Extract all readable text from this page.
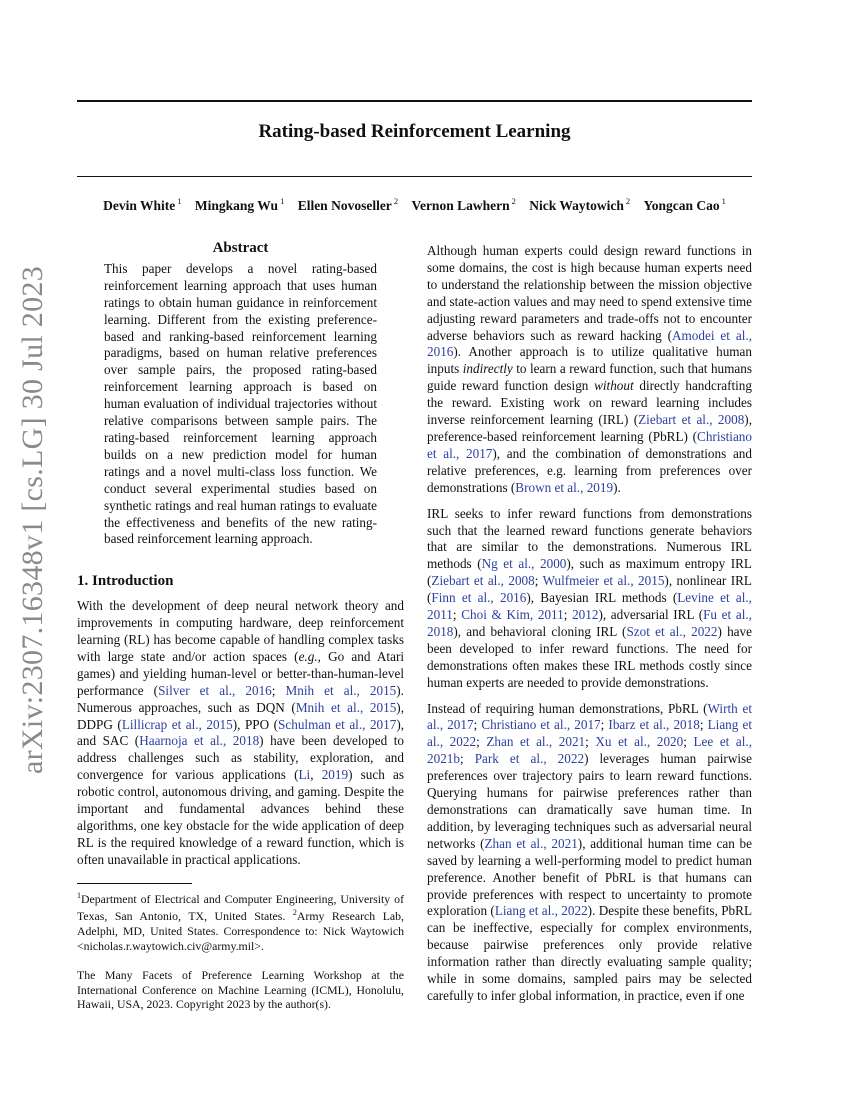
Rating-based Reinforcement Learning
Devin White $^1$ Mingkang Wu $^1$ Ellen Novoseller $^2$ Vernon Lawhern $^2$ Nick Waytowich $^2$ Yongcan Cao $^1$
arXiv:2307.16348v1 [cs.LG] 30 Jul 2023
Abstract
This paper develops a novel rating-based reinforcement learning approach that uses human ratings to obtain human guidance in reinforcement learning. Different from the existing preference-based and ranking-based reinforcement learning paradigms, based on human relative preferences over sample pairs, the proposed rating-based reinforcement learning approach is based on human evaluation of individual trajectories without relative comparisons between sample pairs. The rating-based reinforcement learning approach builds on a new prediction model for human ratings and a novel multi-class loss function. We conduct several experimental studies based on synthetic ratings and real human ratings to evaluate the effectiveness and benefits of the new rating-based reinforcement learning approach.
1. Introduction

With the development of deep neural network theory and improvements in computing hardware, deep reinforcement learning (RL) has become capable of handling complex tasks with large state and/or action spaces (e.g., Go and Atari games) and yielding human-level or better-than-human-level performance (Silver et al., 2016; Mnih et al., 2015). Numerous approaches, such as DQN (Mnih et al., 2015), DDPG (Lillicrap et al., 2015), PPO (Schulman et al., 2017), and SAC (Haarnoja et al., 2018) have been developed to address challenges such as stability, exploration, and convergence for various applications (Li, 2019) such as robotic control, autonomous driving, and gaming. Despite the important and fundamental advances behind these algorithms, one key obstacle for the wide application of deep RL is the required knowledge of a reward function, which is often unavailable in practical applications.

$^1$Department of Electrical and Computer Engineering, University of Texas, San Antonio, TX, United States. $^2$Army Research Lab, Adelphi, MD, United States. Correspondence to: Nick Waytowich <nicholas.r.waytowich.civ@army.mil>.
The Many Facets of Preference Learning Workshop at the International Conference on Machine Learning (ICML), Honolulu, Hawaii, USA, 2023. Copyright 2023 by the author(s).

Although human experts could design reward functions in some domains, the cost is high because human experts need to understand the relationship between the mission objective and state-action values and may need to spend extensive time adjusting reward parameters and trade-offs not to encounter adverse behaviors such as reward hacking (Amodei et al., 2016). Another approach is to utilize qualitative human inputs indirectly to learn a reward function, such that humans guide reward function design without directly handcrafting the reward. Existing work on reward learning includes inverse reinforcement learning (IRL) (Ziebart et al., 2008), preference-based reinforcement learning (PbRL) (Christiano et al., 2017), and the combination of demonstrations and relative preferences, e.g. learning from preferences over demonstrations (Brown et al., 2019).

IRL seeks to infer reward functions from demonstrations such that the learned reward functions generate behaviors that are similar to the demonstrations. Numerous IRL methods (Ng et al., 2000), such as maximum entropy IRL (Ziebart et al., 2008; Wulfmeier et al., 2015), nonlinear IRL (Finn et al., 2016), Bayesian IRL methods (Levine et al., 2011; Choi & Kim, 2011; 2012), adversarial IRL (Fu et al., 2018), and behavioral cloning IRL (Szot et al., 2022) have been developed to infer reward functions. The need for demonstrations often makes these IRL methods costly since human experts are needed to provide demonstrations.

Instead of requiring human demonstrations, PbRL (Wirth et al., 2017; Christiano et al., 2017; Ibarz et al., 2018; Liang et al., 2022; Zhan et al., 2021; Xu et al., 2020; Lee et al., 2021b; Park et al., 2022) leverages human pairwise preferences over trajectory pairs to learn reward functions. Querying humans for pairwise preferences rather than demonstrations can dramatically save human time. In addition, by leveraging techniques such as adversarial neural networks (Zhan et al., 2021), additional human time can be saved by learning a well-performing model to predict human preference. Another benefit of PbRL is that humans can provide preferences with respect to uncertainty to promote exploration (Liang et al., 2022). Despite these benefits, PbRL can be ineffective, especially for complex environments, because pairwise preferences only provide relative information rather than directly evaluating sample quality; while in some domains, sampled pairs may be selected carefully to infer global information, in practice, even if one
